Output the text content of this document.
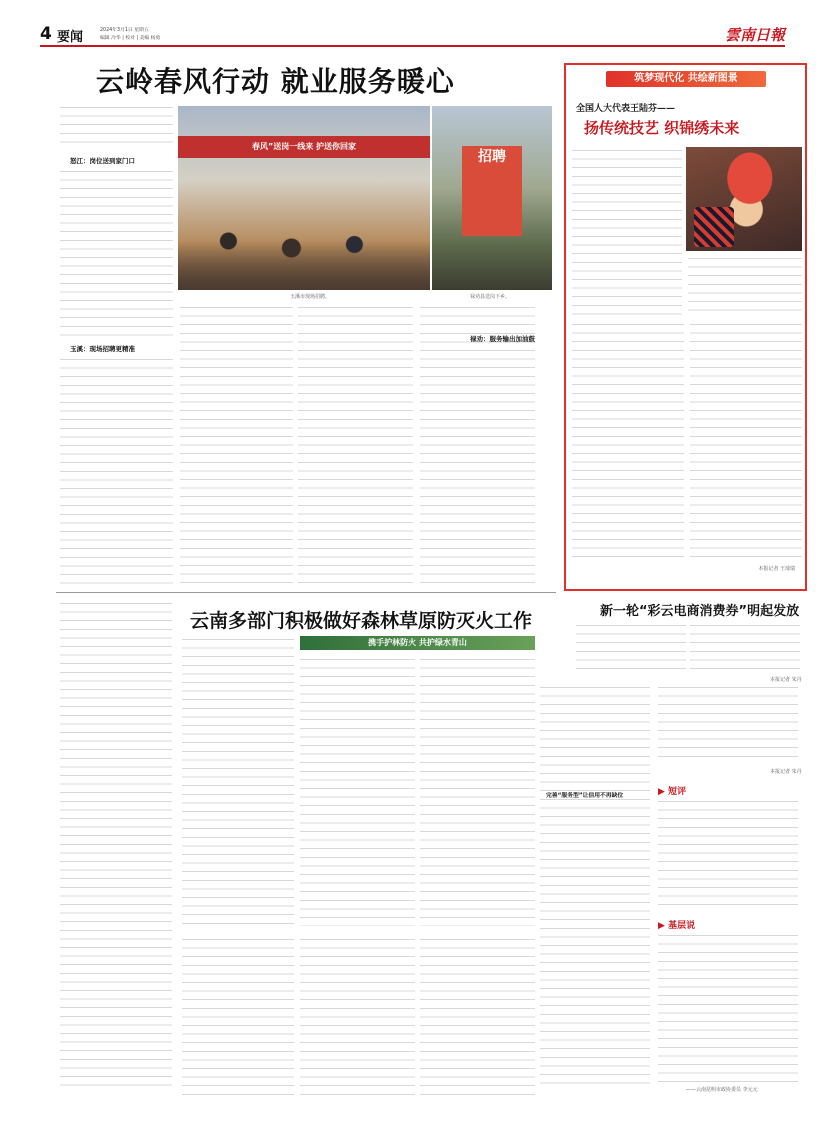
4 要闻	2024年3月1日 星期五
编辑 冷华 | 校对 | 美编 杨勇	雲南日報
云岭春风行动 就业服务暖心
怒江：岗位送到家门口
玉溪：现场招聘更精准
春风”送岗一线来 护送你回家
招聘
玉溪市现场招聘。	禄劝县送岗下乡。
禄劝：服务输出加油鼓
筑梦现代化 共绘新图景
全国人大代表王陆芬——
扬传统技艺 织锦绣未来
本报记者 王琦瑞
新一轮“彩云电商消费券”明起发放
本报记者 朱丹
云南多部门积极做好森林草原防灭火工作
携手护林防火 共护绿水青山
完善“服务型”让信用不再缺位
本报记者 朱丹
▶ 短评
▶ 基层说
——云南昆明市政协委员 李元元
